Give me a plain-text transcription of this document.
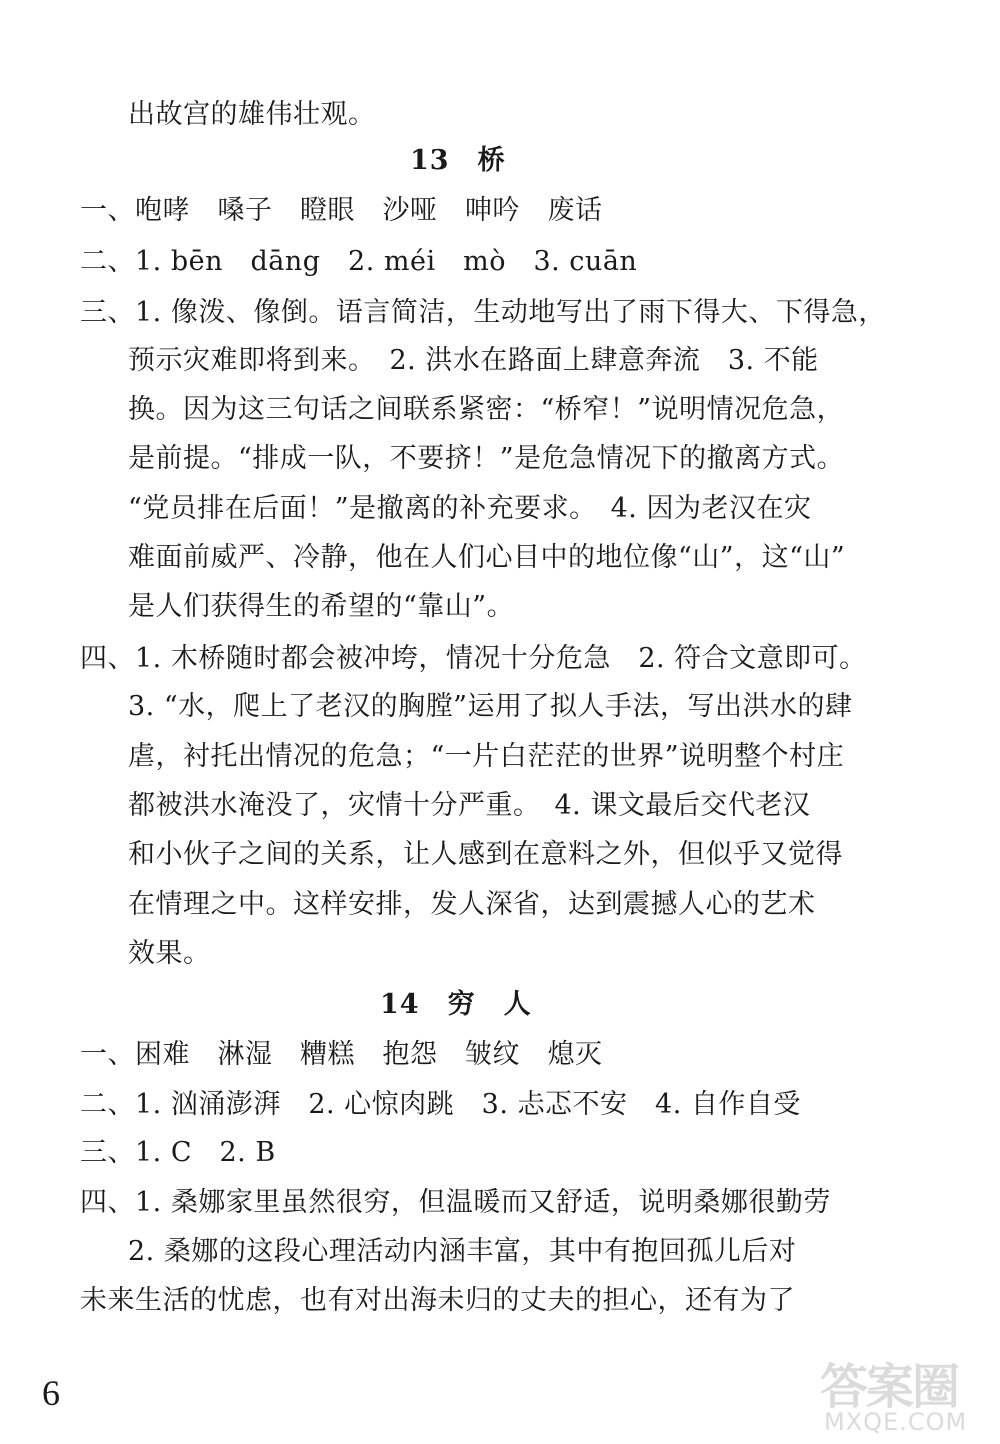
出故宫的雄伟壮观。
13　桥
一、咆哮　嗓子　瞪眼　沙哑　呻吟　废话
二、1. bēn　dāng　2. méi　mò　3. cuān
三、1. 像泼、像倒。语言简洁，生动地写出了雨下得大、下得急，
预示灾难即将到来。　2. 洪水在路面上肆意奔流　3. 不能
换。因为这三句话之间联系紧密：“桥窄！”说明情况危急，
是前提。“排成一队，不要挤！”是危急情况下的撤离方式。
“党员排在后面！”是撤离的补充要求。　4. 因为老汉在灾
难面前威严、冷静，他在人们心目中的地位像“山”，这“山”
是人们获得生的希望的“靠山”。
四、1. 木桥随时都会被冲垮，情况十分危急　2. 符合文意即可。
3. “水，爬上了老汉的胸膛”运用了拟人手法，写出洪水的肆
虐，衬托出情况的危急；“一片白茫茫的世界”说明整个村庄
都被洪水淹没了，灾情十分严重。　4. 课文最后交代老汉
和小伙子之间的关系，让人感到在意料之外，但似乎又觉得
在情理之中。这样安排，发人深省，达到震撼人心的艺术
效果。
14　穷　人
一、困难　淋湿　糟糕　抱怨　皱纹　熄灭
二、1. 汹涌澎湃　2. 心惊肉跳　3. 忐忑不安　4. 自作自受
三、1. C　2. B
四、1. 桑娜家里虽然很穷，但温暖而又舒适，说明桑娜很勤劳
2. 桑娜的这段心理活动内涵丰富，其中有抱回孤儿后对
未来生活的忧虑，也有对出海未归的丈夫的担心，还有为了
6	答案圈
MXQE.COM
